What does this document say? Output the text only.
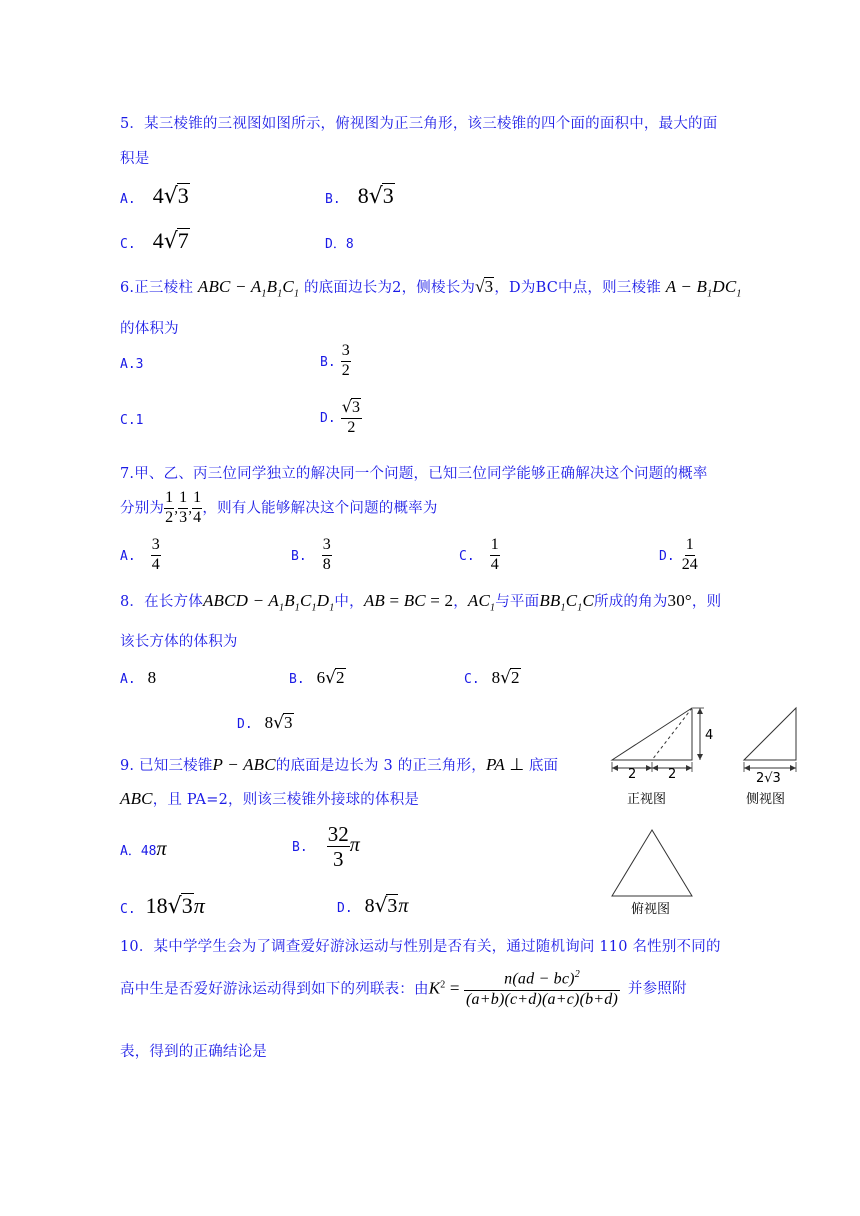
5．某三棱锥的三视图如图所示，俯视图为正三角形，该三棱锥的四个面的面积中，最大的面
积是
A. 4√3	B. 8√3
C. 4√7	D．8
6.正三棱柱 ABC − $A_1B_1C_1$ 的底面边长为2，侧棱长为√3，D为BC中点，则三棱锥 $A - B_1DC_1$
的体积为
A.3	B. $\frac{3}{2}$
C.1	D. $\frac{√3}{2}$
7.甲、乙、丙三位同学独立的解决同一个问题，已知三位同学能够正确解决这个问题的概率
分别为 $\frac{1}{2}$ , $\frac{1}{3}$ , $\frac{1}{4}$ ，则有人能够解决这个问题的概率为
A. $\frac{3}{4}$	B. $\frac{3}{8}$	C. $\frac{1}{4}$	D. $\frac{1}{24}$
8．在长方体ABCD − $A_1B_1C_1D_1$中，AB = BC = 2，$AC_1$与平面$BB_1C_1C$所成的角为30°，则
该长方体的体积为
A. 8	B. 6√2	C. 8√2
D. 8√3
9. 已知三棱锥P − ABC的底面是边长为 3 的正三角形，PA ⊥ 底面
ABC，且 PA=2，则该三棱锥外接球的体积是
A．48π	B. $\frac{32}{3}$ π
C. 18√3π	D. 8√3π
4
2 2
正视图
2√3
侧视图
俯视图
10．某中学学生会为了调查爱好游泳运动与性别是否有关，通过随机询问 110 名性别不同的
高中生是否爱好游泳运动得到如下的列联表：由$K^2 = \frac{n(ad - bc)^2}{(a+b)(c+d)(a+c)(b+d)}$ 并参照附
表，得到的正确结论是
